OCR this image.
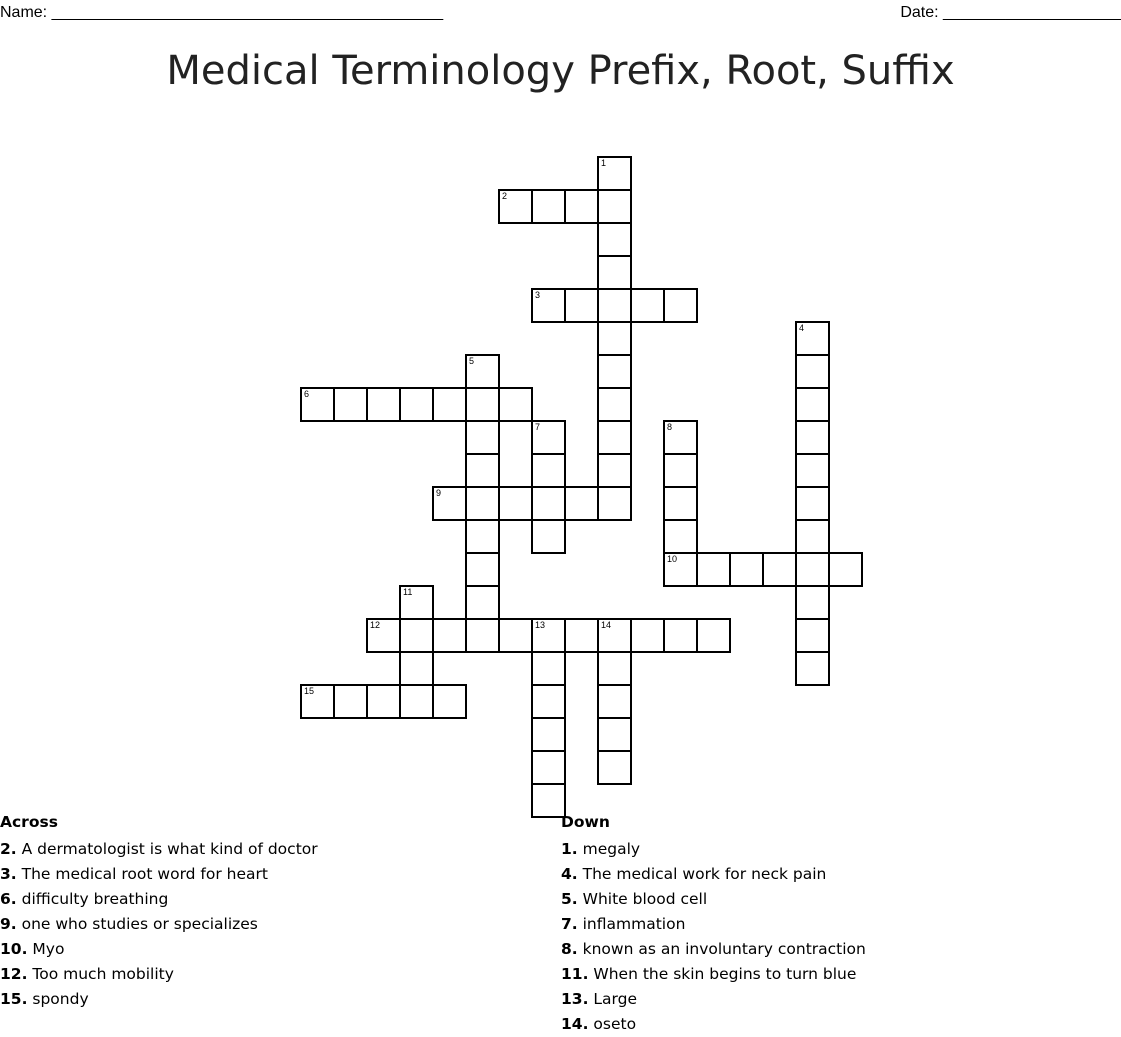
Name: ____________________________________________	Date: ____________________
Medical Terminology Prefix, Root, Suffix
1
2
3
4
5
6
7	8
10
9
11
12	13	14
15
Across
2. A dermatologist is what kind of doctor
3. The medical root word for heart
6. difficulty breathing
9. one who studies or specializes
10. Myo
12. Too much mobility
15. spondy
Down
1. megaly
4. The medical work for neck pain
5. White blood cell
7. inflammation
8. known as an involuntary contraction
11. When the skin begins to turn blue
13. Large
14. oseto
